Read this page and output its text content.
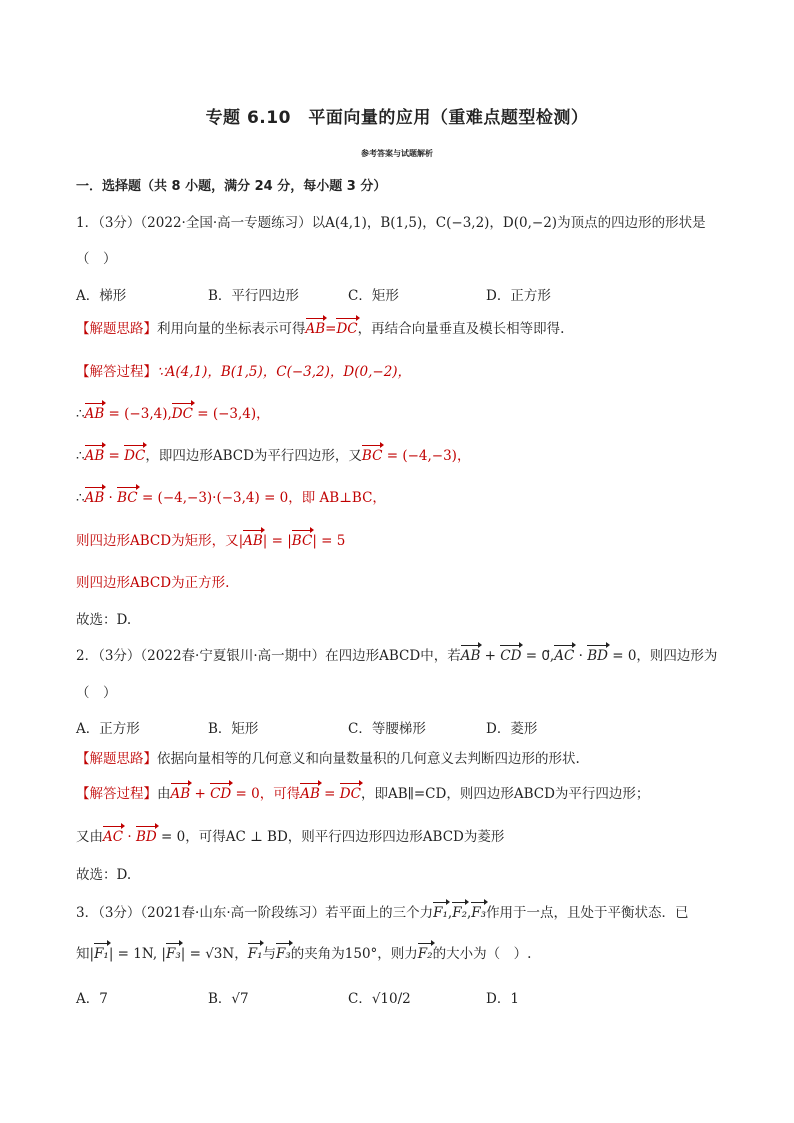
专题 6.10　平面向量的应用（重难点题型检测）
参考答案与试题解析
一．选择题（共 8 小题，满分 24 分，每小题 3 分）
1．（3分）（2022·全国·高一专题练习）以A(4,1)，B(1,5)，C(−3,2)，D(0,−2)为顶点的四边形的形状是
（　）
A．梯形	B．平行四边形	C．矩形	D．正方形
【解题思路】利用向量的坐标表示可得AB=DC，再结合向量垂直及模长相等即得.
【解答过程】∵A(4,1)，B(1,5)，C(−3,2)，D(0,−2)，
∴AB = (−3,4),DC = (−3,4)，
∴AB = DC，即四边形ABCD为平行四边形，又BC = (−4,−3)，
∴AB · BC = (−4,−3)·(−3,4) = 0，即 AB⊥BC，
则四边形ABCD为矩形，又|AB| = |BC| = 5
则四边形ABCD为正方形.
故选：D.
2．（3分）（2022春·宁夏银川·高一期中）在四边形ABCD中，若AB + CD = 0⃗,AC · BD = 0，则四边形为
（　）
A．正方形	B．矩形	C．等腰梯形	D．菱形
【解题思路】依据向量相等的几何意义和向量数量积的几何意义去判断四边形的形状.
【解答过程】由AB + CD = 0，可得AB = DC，即AB∥=CD，则四边形ABCD为平行四边形；
又由AC · BD = 0，可得AC ⊥ BD，则平行四边形四边形ABCD为菱形
故选：D.
3．（3分）（2021春·山东·高一阶段练习）若平面上的三个力F₁,F₂,F₃作用于一点，且处于平衡状态．已
知|F₁| = 1N, |F₃| = √3N，F₁与F₃的夹角为150°，则力F₂的大小为（　）.
A．7	B．√7	C．√10/2	D．1
